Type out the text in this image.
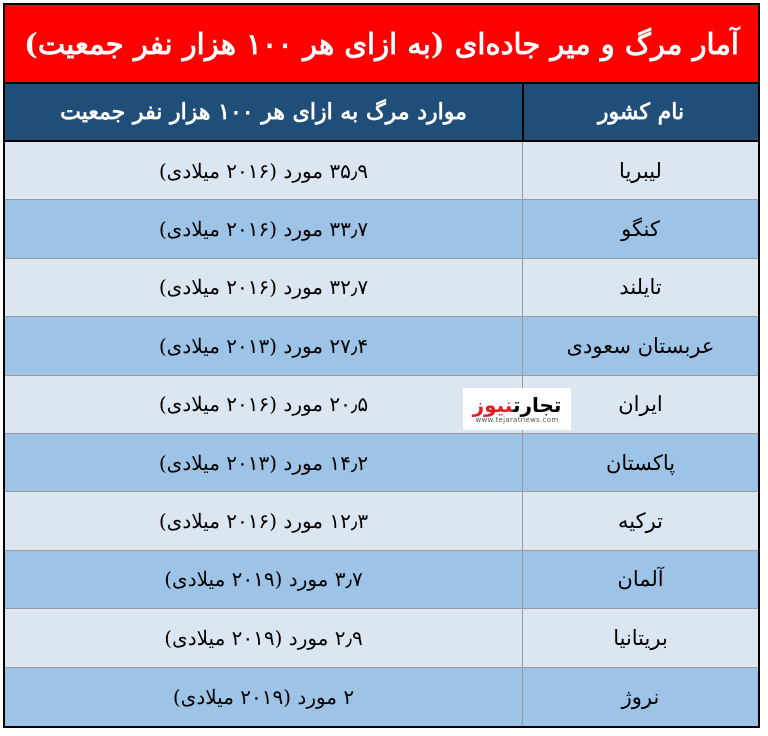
آمار مرگ و میر جاده‌ای (به ازای هر ۱۰۰ هزار نفر جمعیت)
نام کشور
موارد مرگ به ازای هر ۱۰۰ هزار نفر جمعیت
لیبریا
۳۵٫۹ مورد (۲۰۱۶ میلادی)
کنگو
۳۳٫۷ مورد (۲۰۱۶ میلادی)
تایلند
۳۲٫۷ مورد (۲۰۱۶ میلادی)
عربستان سعودی
۲۷٫۴ مورد (۲۰۱۳ میلادی)
ایران
۲۰٫۵ مورد (۲۰۱۶ میلادی)
پاکستان
۱۴٫۲ مورد (۲۰۱۳ میلادی)
ترکیه
۱۲٫۳ مورد (۲۰۱۶ میلادی)
آلمان
۳٫۷ مورد (۲۰۱۹ میلادی)
بریتانیا
۲٫۹ مورد (۲۰۱۹ میلادی)
نروژ
۲ مورد (۲۰۱۹ میلادی)
تجارتنیوز
www.tejaratnews.com
